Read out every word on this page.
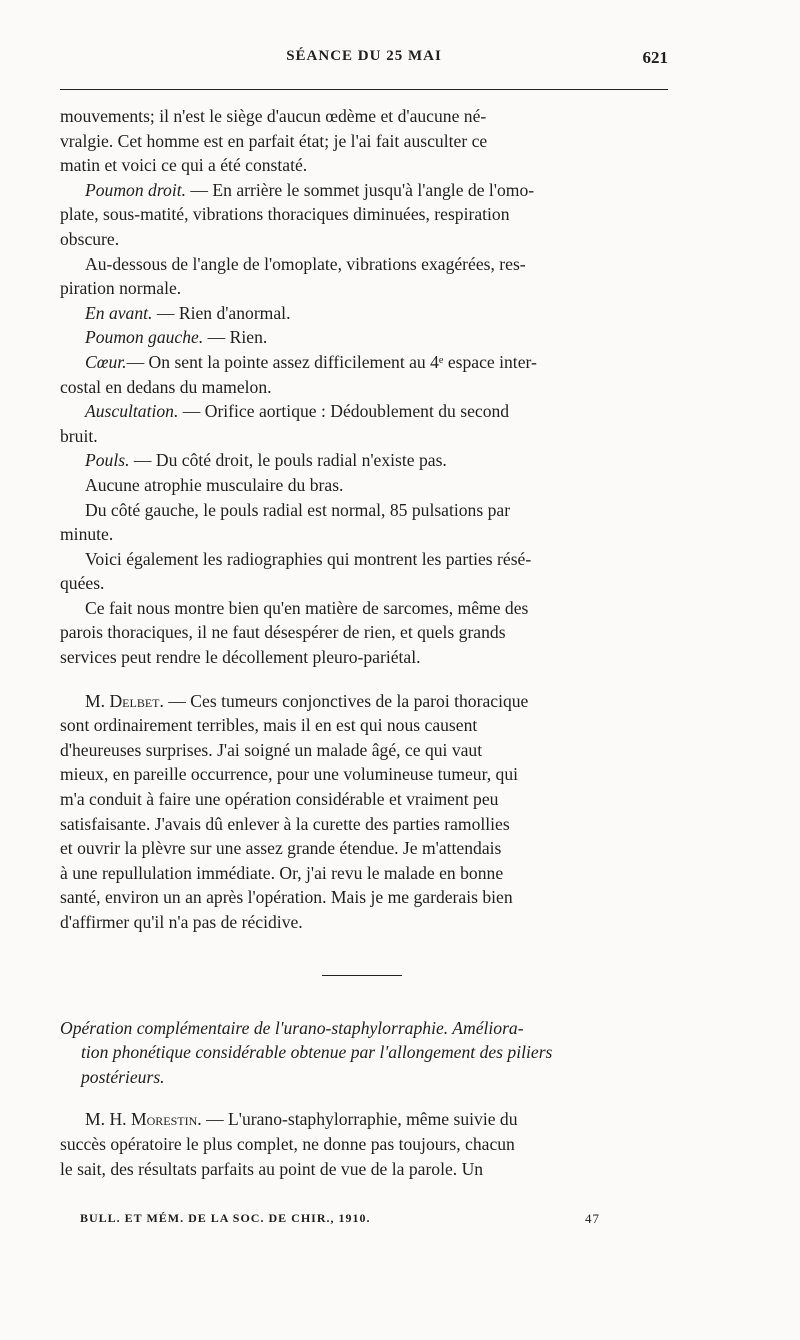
SÉANCE DU 25 MAI	621

mouvements; il n'est le siège d'aucun œdème et d'aucune né-

vralgie. Cet homme est en parfait état; je l'ai fait ausculter ce

matin et voici ce qui a été constaté.

Poumon droit. — En arrière le sommet jusqu'à l'angle de l'omo-

plate, sous-matité, vibrations thoraciques diminuées, respiration

obscure.

Au-dessous de l'angle de l'omoplate, vibrations exagérées, res-

piration normale.

En avant. — Rien d'anormal.

Poumon gauche. — Rien.

Cœur.— On sent la pointe assez difficilement au 4ᵉ espace inter-

costal en dedans du mamelon.

Auscultation. — Orifice aortique : Dédoublement du second

bruit.

Pouls. — Du côté droit, le pouls radial n'existe pas.

Aucune atrophie musculaire du bras.

Du côté gauche, le pouls radial est normal, 85 pulsations par

minute.

Voici également les radiographies qui montrent les parties résé-

quées.

Ce fait nous montre bien qu'en matière de sarcomes, même des

parois thoraciques, il ne faut désespérer de rien, et quels grands

services peut rendre le décollement pleuro-pariétal.

M. Delbet. — Ces tumeurs conjonctives de la paroi thoracique

sont ordinairement terribles, mais il en est qui nous causent

d'heureuses surprises. J'ai soigné un malade âgé, ce qui vaut

mieux, en pareille occurrence, pour une volumineuse tumeur, qui

m'a conduit à faire une opération considérable et vraiment peu

satisfaisante. J'avais dû enlever à la curette des parties ramollies

et ouvrir la plèvre sur une assez grande étendue. Je m'attendais

à une repullulation immédiate. Or, j'ai revu le malade en bonne

santé, environ un an après l'opération. Mais je me garderais bien

d'affirmer qu'il n'a pas de récidive.

Opération complémentaire de l'urano-staphylorraphie. Améliora-
tion phonétique considérable obtenue par l'allongement des piliers
postérieurs.

M. H. Morestin. — L'urano-staphylorraphie, même suivie du

succès opératoire le plus complet, ne donne pas toujours, chacun

le sait, des résultats parfaits au point de vue de la parole. Un

BULL. ET MÉM. DE LA SOC. DE CHIR., 1910.	47
